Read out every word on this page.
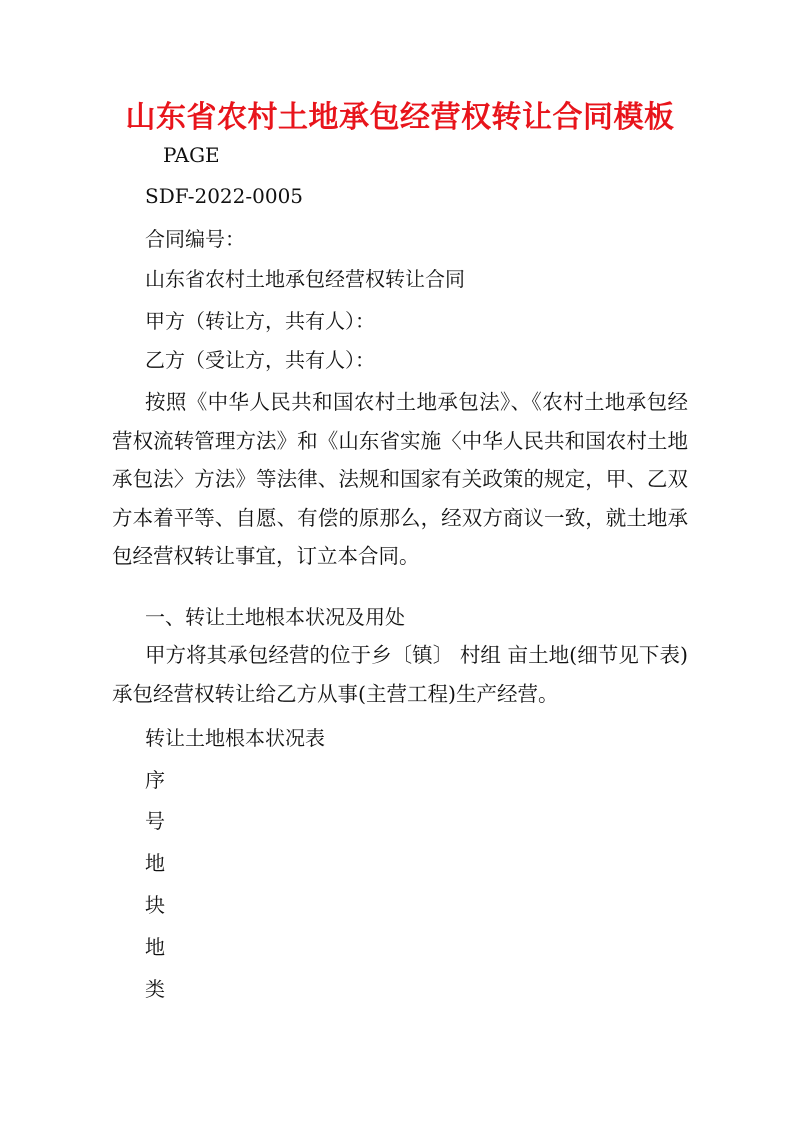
山东省农村土地承包经营权转让合同模板
PAGE
SDF-2022-0005
合同编号：
山东省农村土地承包经营权转让合同
甲方（转让方，共有人）：
乙方（受让方，共有人）：
按照《中华人民共和国农村土地承包法》、《农村土地承包经营权流转管理方法》和《山东省实施〈中华人民共和国农村土地承包法〉方法》等法律、法规和国家有关政策的规定，甲、乙双方本着平等、自愿、有偿的原那么，经双方商议一致，就土地承包经营权转让事宜，订立本合同。
一、转让土地根本状况及用处
甲方将其承包经营的位于乡〔镇〕 村组 亩土地(细节见下表)承包经营权转让给乙方从事(主营工程)生产经营。
转让土地根本状况表
序
号
地
块
地
类
